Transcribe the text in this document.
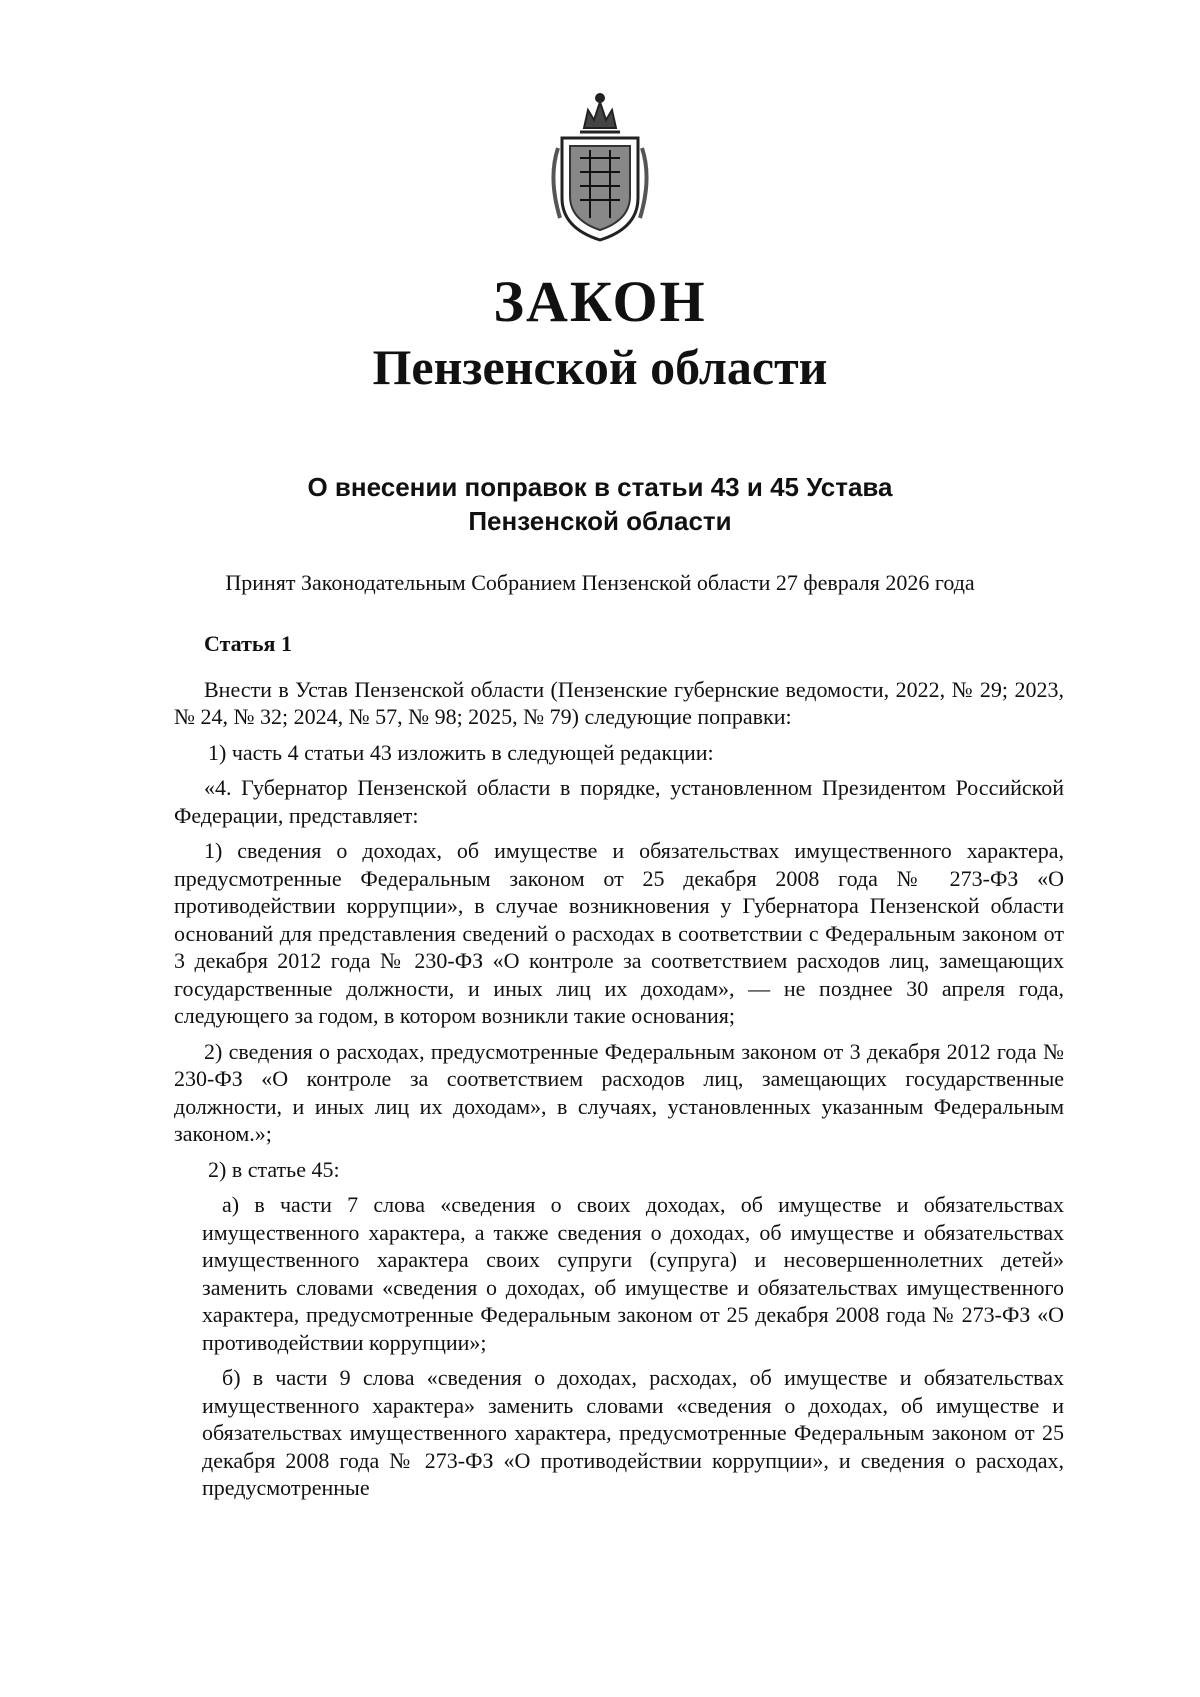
ЗАКОН
Пензенской области
О внесении поправок в статьи 43 и 45 Устава
Пензенской области
Принят Законодательным Собранием Пензенской области 27 февраля 2026 года

Статья 1

Внести в Устав Пензенской области (Пензенские губернские ведомости, 2022, № 29; 2023, № 24, № 32; 2024, № 57, № 98; 2025, № 79) следующие поправки:

1) часть 4 статьи 43 изложить в следующей редакции:

«4. Губернатор Пензенской области в порядке, установленном Президентом Российской Федерации, представляет:

1) сведения о доходах, об имуществе и обязательствах имущественного характера, предусмотренные Федеральным законом от 25 декабря 2008 года № 273-ФЗ «О противодействии коррупции», в случае возникновения у Губернатора Пензенской области оснований для представления сведений о расходах в соответствии с Федеральным законом от 3 декабря 2012 года № 230-ФЗ «О контроле за соответствием расходов лиц, замещающих государственные должности, и иных лиц их доходам», — не позднее 30 апреля года, следующего за годом, в котором возникли такие основания;

2) сведения о расходах, предусмотренные Федеральным законом от 3 декабря 2012 года № 230-ФЗ «О контроле за соответствием расходов лиц, замещающих государственные должности, и иных лиц их доходам», в случаях, установленных указанным Федеральным законом.»;

2) в статье 45:

а) в части 7 слова «сведения о своих доходах, об имуществе и обязательствах имущественного характера, а также сведения о доходах, об имуществе и обязательствах имущественного характера своих супруги (супруга) и несовершеннолетних детей» заменить словами «сведения о доходах, об имуществе и обязательствах имущественного характера, предусмотренные Федеральным законом от 25 декабря 2008 года № 273-ФЗ «О противодействии коррупции»;

б) в части 9 слова «сведения о доходах, расходах, об имуществе и обязательствах имущественного характера» заменить словами «сведения о доходах, об имуществе и обязательствах имущественного характера, предусмотренные Федеральным законом от 25 декабря 2008 года № 273-ФЗ «О противодействии коррупции», и сведения о расходах, предусмотренные
